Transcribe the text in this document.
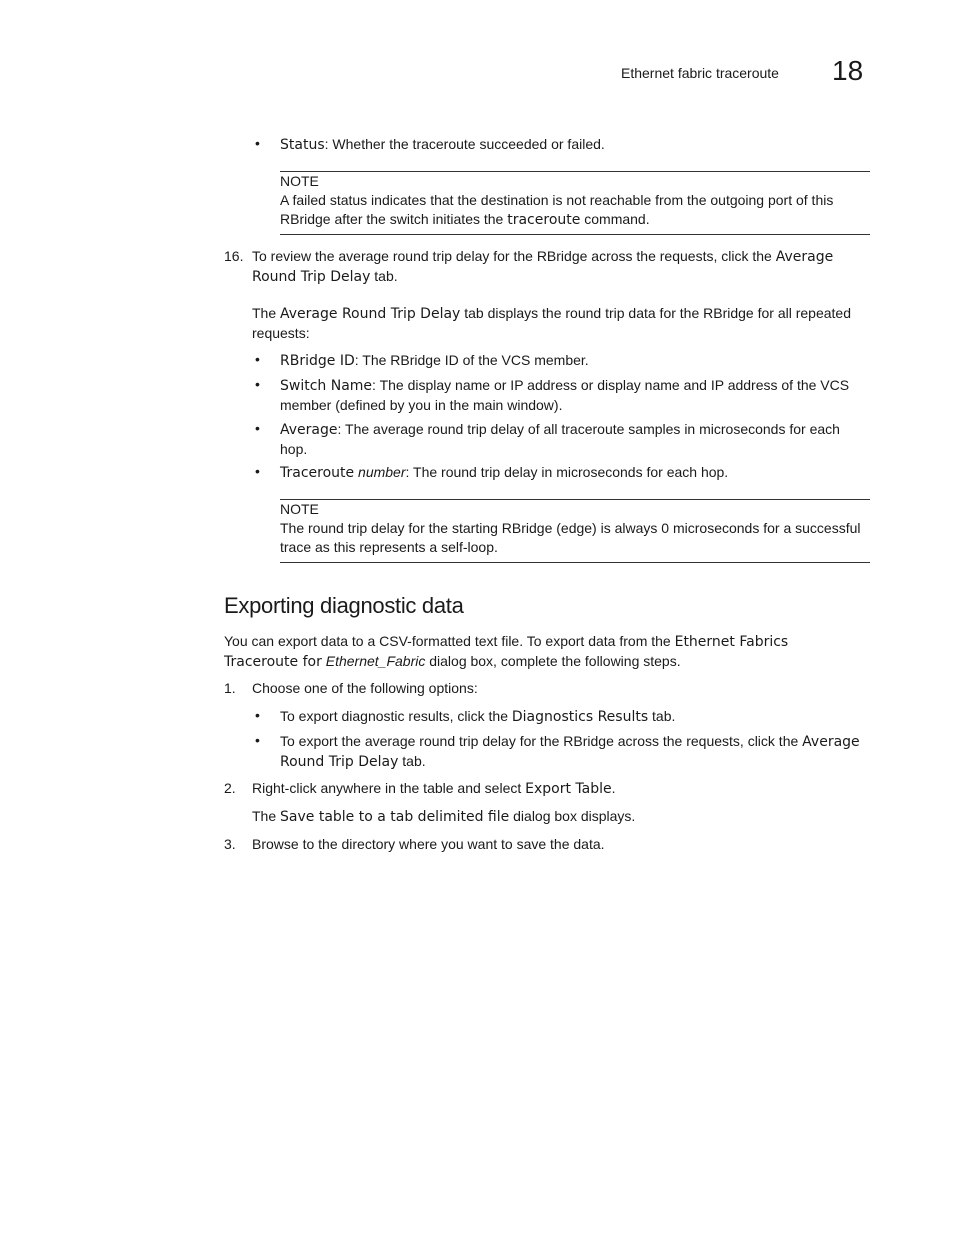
Ethernet fabric traceroute 18
• Status: Whether the traceroute succeeded or failed.
NOTE
A failed status indicates that the destination is not reachable from the outgoing port of this RBridge after the switch initiates the traceroute command.
16. To review the average round trip delay for the RBridge across the requests, click the Average
Round Trip Delay tab.
The Average Round Trip Delay tab displays the round trip data for the RBridge for all repeated requests:
• RBridge ID: The RBridge ID of the VCS member.
• Switch Name: The display name or IP address or display name and IP address of the VCS member (defined by you in the main window).
• Average: The average round trip delay of all traceroute samples in microseconds for each hop.
• Traceroute number: The round trip delay in microseconds for each hop.
NOTE
The round trip delay for the starting RBridge (edge) is always 0 microseconds for a successful trace as this represents a self-loop.
Exporting diagnostic data
You can export data to a CSV-formatted text file. To export data from the Ethernet Fabrics Traceroute for Ethernet_Fabric dialog box, complete the following steps.
1. Choose one of the following options:
• To export diagnostic results, click the Diagnostics Results tab.
• To export the average round trip delay for the RBridge across the requests, click the Average Round Trip Delay tab.
2. Right-click anywhere in the table and select Export Table.
The Save table to a tab delimited file dialog box displays.
3. Browse to the directory where you want to save the data.
